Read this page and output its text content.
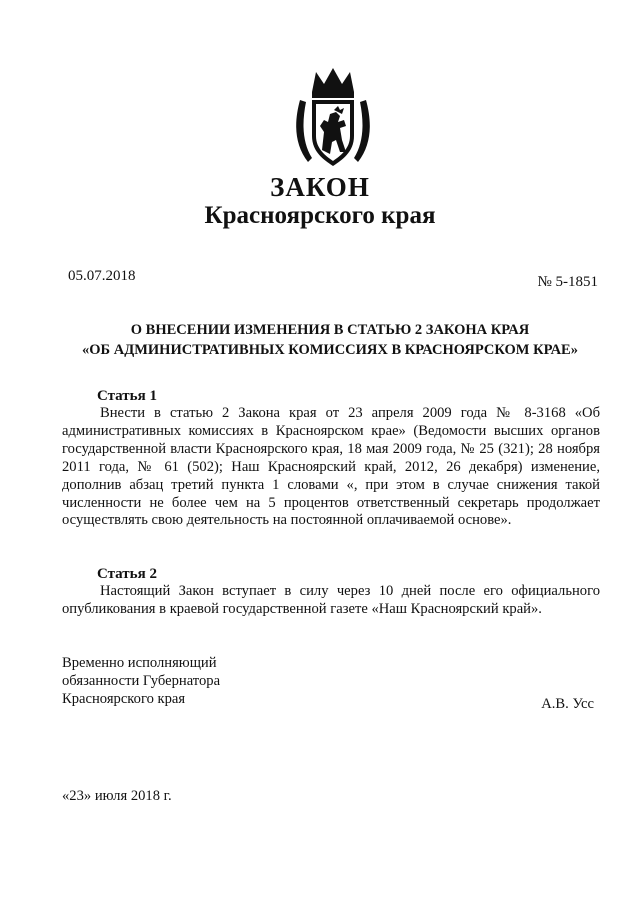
ЗАКОН
Красноярского края
05.07.2018	№ 5-1851
О ВНЕСЕНИИ ИЗМЕНЕНИЯ В СТАТЬЮ 2 ЗАКОНА КРАЯ
«ОБ АДМИНИСТРАТИВНЫХ КОМИССИЯХ В КРАСНОЯРСКОМ КРАЕ»
Статья 1

Внести в статью 2 Закона края от 23 апреля 2009 года № 8-3168 «Об административных комиссиях в Красноярском крае» (Ведомости высших органов государственной власти Красноярского края, 18 мая 2009 года, № 25 (321); 28 ноября 2011 года, № 61 (502); Наш Красноярский край, 2012, 26 декабря) изменение, дополнив абзац третий пункта 1 словами «, при этом в случае снижения такой численности не более чем на 5 процентов ответственный секретарь продолжает осуществлять свою деятельность на постоянной оплачиваемой основе».

Статья 2

Настоящий Закон вступает в силу через 10 дней после его официального опубликования в краевой государственной газете «Наш Красноярский край».

Временно исполняющий
обязанности Губернатора
Красноярского края	А.В. Усс
«23» июля 2018 г.
